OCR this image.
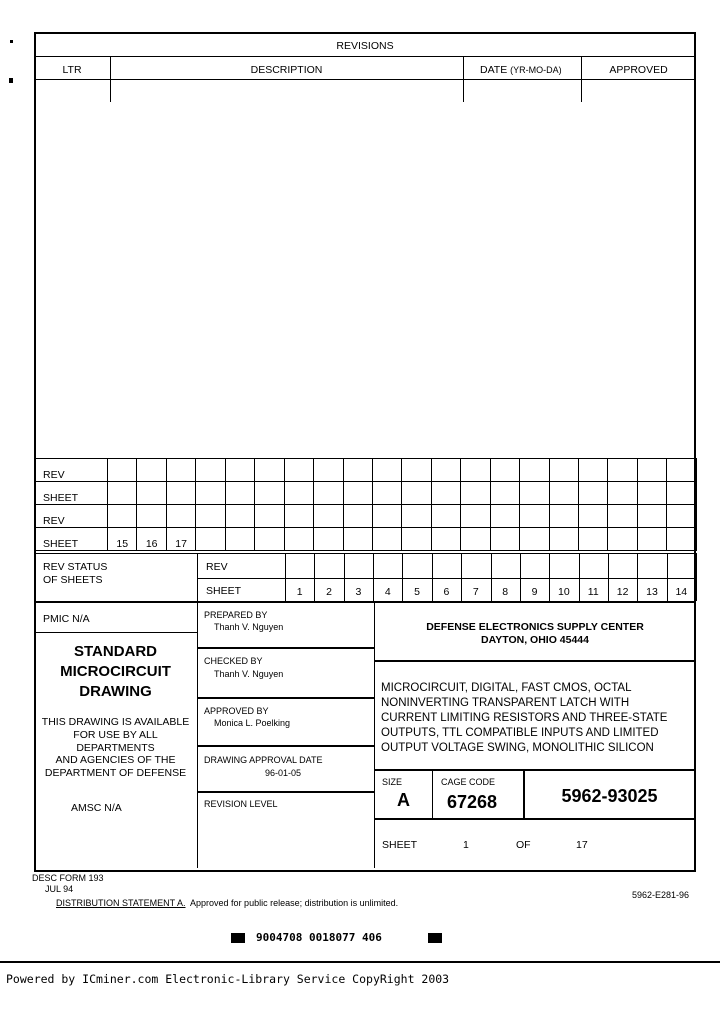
REVISIONS
LTR	DESCRIPTION	DATE (YR-MO-DA)	APPROVED
REV																				
SHEET																				
REV																				
SHEET	15	16	17																	
REV STATUS
OF SHEETS
REV
SHEET	1	2	3	4	5	6	7	8	9	10	11	12	13	14
PMIC N/A
STANDARD
MICROCIRCUIT
DRAWING
THIS DRAWING IS AVAILABLE
FOR USE BY ALL
DEPARTMENTS
AND AGENCIES OF THE
DEPARTMENT OF DEFENSE
AMSC N/A
PREPARED BY
Thanh V. Nguyen
CHECKED BY
Thanh V. Nguyen
APPROVED BY
Monica L. Poelking
DRAWING APPROVAL DATE
96-01-05
REVISION LEVEL
DEFENSE ELECTRONICS SUPPLY CENTER
DAYTON, OHIO 45444
MICROCIRCUIT, DIGITAL, FAST CMOS, OCTAL
NONINVERTING TRANSPARENT LATCH WITH
CURRENT LIMITING RESISTORS AND THREE-STATE
OUTPUTS, TTL COMPATIBLE INPUTS AND LIMITED
OUTPUT VOLTAGE SWING, MONOLITHIC SILICON
SIZE
A
CAGE CODE
67268	5962-93025
SHEET	1	OF	17
DESC FORM 193
JUL 94
DISTRIBUTION STATEMENT A. Approved for public release; distribution is unlimited.
5962-E281-96
9004708 0018077 406
Powered by ICminer.com Electronic-Library Service CopyRight 2003
